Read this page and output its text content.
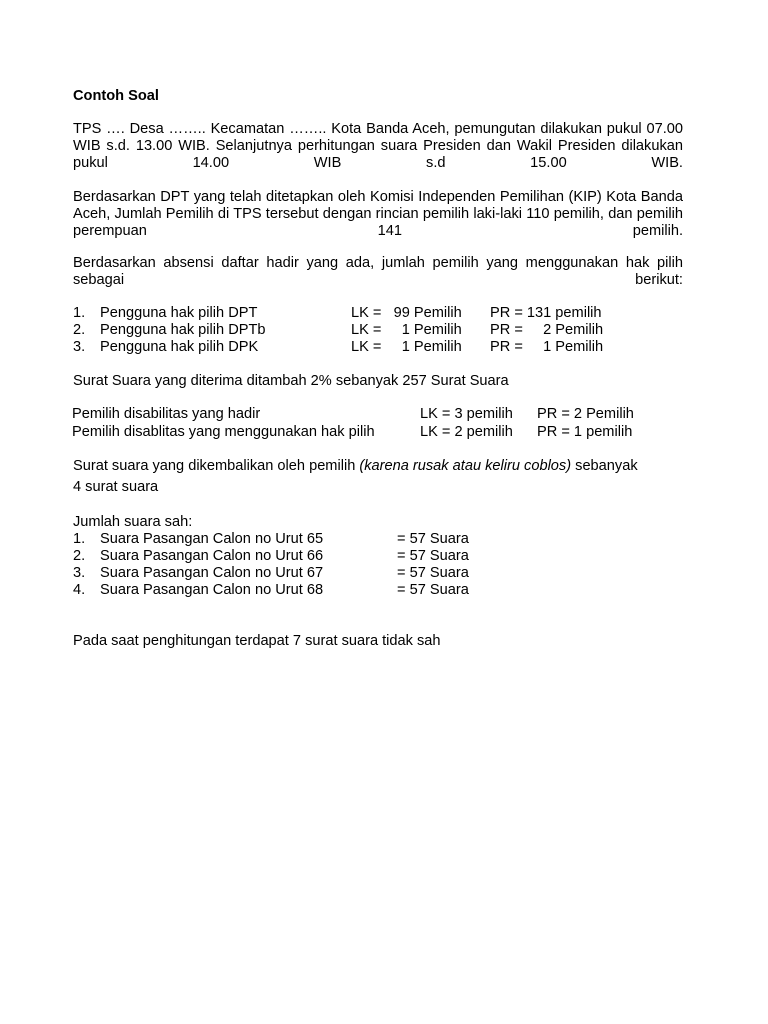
Contoh Soal
TPS …. Desa …….. Kecamatan …….. Kota Banda Aceh, pemungutan dilakukan pukul 07.00 WIB s.d. 13.00 WIB. Selanjutnya perhitungan suara Presiden dan Wakil Presiden dilakukan pukul 14.00 WIB s.d 15.00 WIB.
Berdasarkan DPT yang telah ditetapkan oleh Komisi Independen Pemilihan (KIP) Kota Banda Aceh, Jumlah Pemilih di TPS tersebut dengan rincian pemilih laki-laki 110 pemilih, dan pemilih perempuan 141 pemilih.
Berdasarkan absensi daftar hadir yang ada, jumlah pemilih yang menggunakan hak pilih sebagai berikut:
1. Pengguna hak pilih DPT	LK =   99 Pemilih PR = 131 pemilih
2. Pengguna hak pilih DPTb	LK =     1 Pemilih PR =     2 Pemilih
3. Pengguna hak pilih DPK	LK =     1 Pemilih PR =     1 Pemilih
Surat Suara yang diterima ditambah 2% sebanyak 257 Surat Suara
Pemilih disabilitas yang hadir	LK = 3 pemilih PR = 2 Pemilih
Pemilih disablitas yang menggunakan hak pilih	LK = 2 pemilih PR = 1 pemilih
Surat suara yang dikembalikan oleh pemilih (karena rusak atau keliru coblos) sebanyak
4 surat suara
Jumlah suara sah:
1. Suara Pasangan Calon no Urut 65	= 57 Suara
2. Suara Pasangan Calon no Urut 66	= 57 Suara
3. Suara Pasangan Calon no Urut 67	= 57 Suara
4. Suara Pasangan Calon no Urut 68	= 57 Suara
Pada saat penghitungan terdapat 7 surat suara tidak sah
